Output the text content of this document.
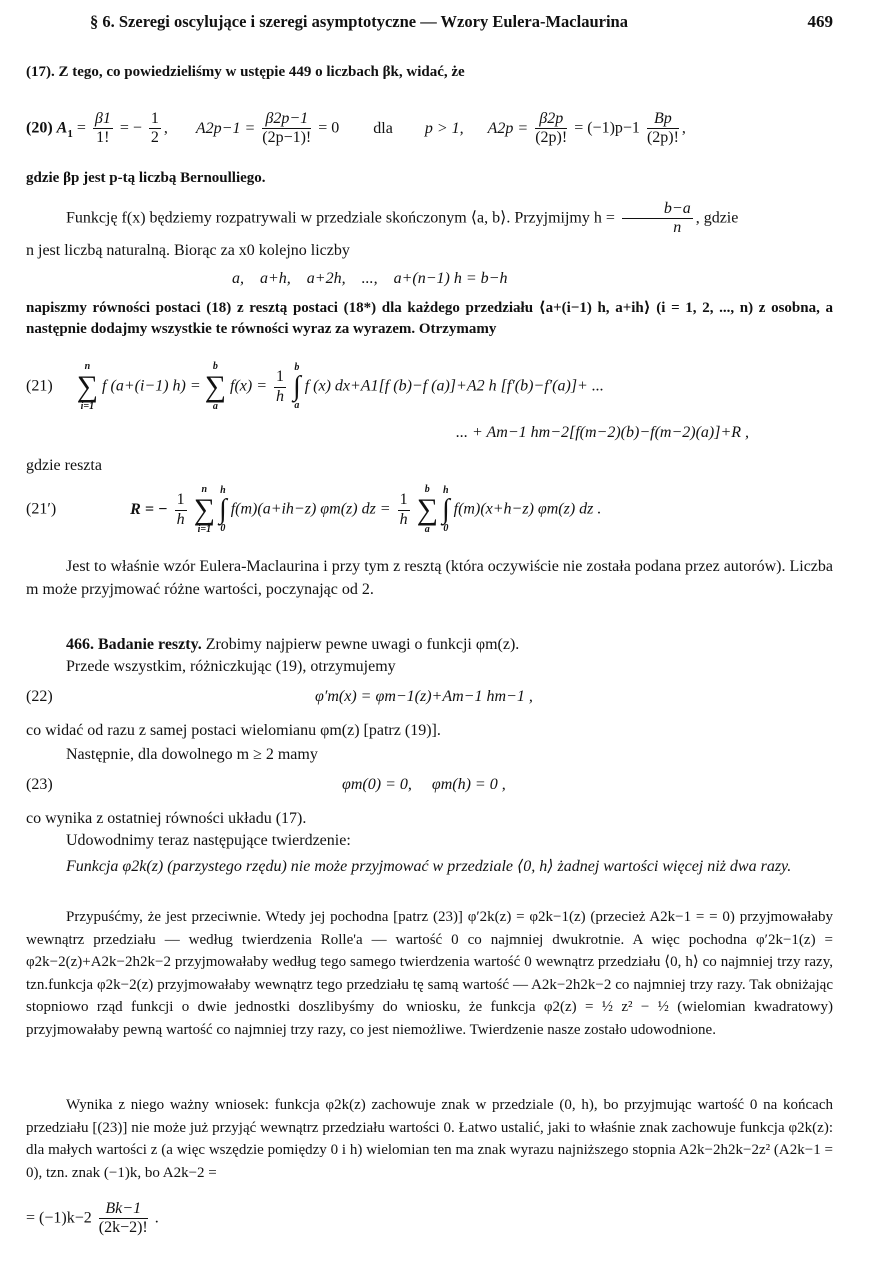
§ 6. Szeregi oscylujące i szeregi asymptotyczne — Wzory Eulera-Maclaurina	469

(17). Z tego, co powiedzieliśmy w ustępie 449 o liczbach βk, widać, że

(20) $A_1 = \frac{\beta 1}{1!}$ = − $\frac{1}{2}$ , $A2p-1 = \frac{\beta 2p-1}{(2p-1)!} = 0$ dla p > 1, $A2p = \frac{\beta 2p}{(2p)!} = (-1)p-1 \frac{Bp}{(2p)!}$ ,

gdzie βp jest p-tą liczbą Bernoulliego.

Funkcję f(x) będziemy rozpatrywali w przedziale skończonym ⟨a, b⟩. Przyjmijmy $h = \frac{b-a}{n}$ , gdzie

n jest liczbą naturalną. Biorąc za x0 kolejno liczby

a,    a+h,    a+2h,    ...,    a+(n−1) h = b−h

napiszmy równości postaci (18) z resztą postaci (18*) dla każdego przedziału ⟨a+(i−1) h, a+ih⟩ (i = 1, 2, ..., n) z osobna, a następnie dodajmy wszystkie te równości wyraz za wyrazem. Otrzymamy

(21)
n
∑
i=1
f (a+(i−1) h) =
b
∑
a
$f(x) = \frac{1}{h}$

b
∫
a
f (x) dx+A1[f (b)−f (a)]+A2 h [f′(b)−f′(a)]+ ...

... + Am−1 hm−2[f(m−2)(b)−f(m−2)(a)]+R ,

gdzie reszta

(21′)	R = − $\frac{1}{h}$

n
∑
i=1

h
∫
0
f(m)(a+ih−z) φm(z) dz = $\frac{1}{h}$

b
∑
a

h
∫
0
f(m)(x+h−z) φm(z) dz .

Jest to właśnie wzór Eulera-Maclaurina i przy tym z resztą (która oczywiście nie została podana przez autorów). Liczba m może przyjmować różne wartości, poczynając od 2.

466. Badanie reszty. Zrobimy najpierw pewne uwagi o funkcji φm(z).

Przede wszystkim, różniczkując (19), otrzymujemy

(22)	φ′m(x) = φm−1(z)+Am−1 hm−1 ,

co widać od razu z samej postaci wielomianu φm(z) [patrz (19)].

Następnie, dla dowolnego m ≥ 2 mamy

(23)	φm(0) = 0,     φm(h) = 0 ,

co wynika z ostatniej równości układu (17).

Udowodnimy teraz następujące twierdzenie:

Funkcja φ2k(z) (parzystego rzędu) nie może przyjmować w przedziale ⟨0, h⟩ żadnej wartości więcej niż dwa razy.

Przypuśćmy, że jest przeciwnie. Wtedy jej pochodna [patrz (23)] φ′2k(z) = φ2k−1(z) (przecież A2k−1 = = 0) przyjmowałaby wewnątrz przedziału — według twierdzenia Rolle'a — wartość 0 co najmniej dwukrotnie. A więc pochodna φ′2k−1(z) = φ2k−2(z)+A2k−2h2k−2 przyjmowałaby według tego samego twierdzenia wartość 0 wewnątrz przedziału ⟨0, h⟩ co najmniej trzy razy, tzn.funkcja φ2k−2(z) przyjmowałaby wewnątrz tego przedziału tę samą wartość — A2k−2h2k−2 co najmniej trzy razy. Tak obniżając stopniowo rząd funkcji o dwie jednostki doszlibyśmy do wniosku, że funkcja φ2(z) = ½ z² − ½ (wielomian kwadratowy) przyjmowałaby pewną wartość co najmniej trzy razy, co jest niemożliwe. Twierdzenie nasze zostało udowodnione.

Wynika z niego ważny wniosek: funkcja φ2k(z) zachowuje znak w przedziale (0, h), bo przyjmując wartość 0 na końcach przedziału [(23)] nie może już przyjąć wewnątrz przedziału wartości 0. Łatwo ustalić, jaki to właśnie znak zachowuje funkcja φ2k(z): dla małych wartości z (a więc wszędzie pomiędzy 0 i h) wielomian ten ma znak wyrazu najniższego stopnia A2k−2h2k−2z² (A2k−1 = 0), tzn. znak (−1)k, bo A2k−2 =

= $(-1)k-2 \frac{Bk-1}{(2k-2)!}$ .
